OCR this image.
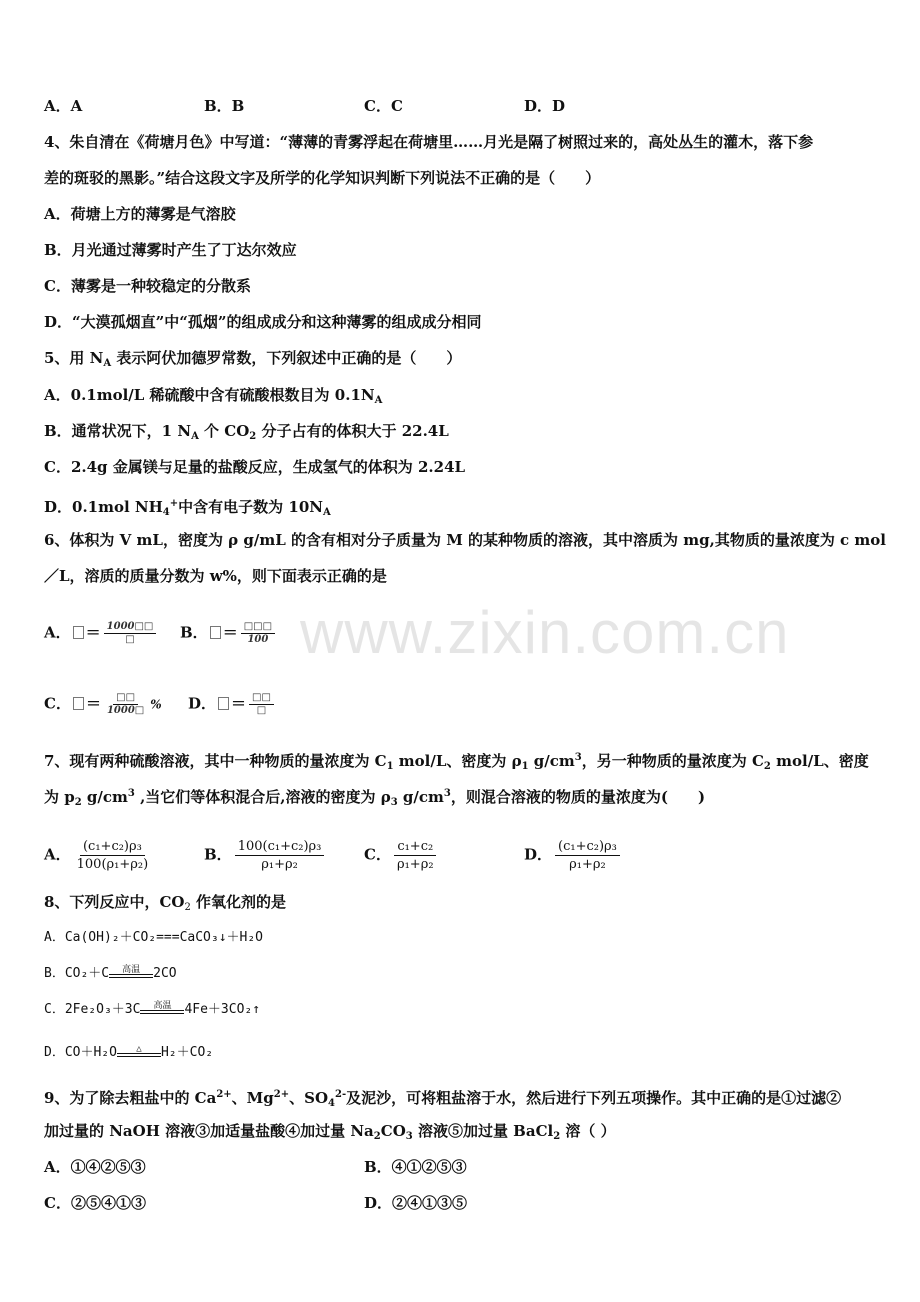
www.zixin.com.cn
A．A	B．B	C．C	D．D
4、朱自清在《荷塘月色》中写道：“薄薄的青雾浮起在荷塘里……月光是隔了树照过来的，高处丛生的灌木，落下参
差的斑驳的黑影。”结合这段文字及所学的化学知识判断下列说法不正确的是（　　）
A．荷塘上方的薄雾是气溶胶
B．月光通过薄雾时产生了丁达尔效应
C．薄雾是一种较稳定的分散系
D．“大漠孤烟直”中“孤烟”的组成成分和这种薄雾的组成成分相同
5、用 $N_A$ 表示阿伏加德罗常数，下列叙述中正确的是（　　）
A．0.1mol/L 稀硫酸中含有硫酸根数目为 $0.1N_A$
B．通常状况下，1 $N_A$ 个 $CO_2$ 分子占有的体积大于 22.4L
C．2.4g 金属镁与足量的盐酸反应，生成氢气的体积为 2.24L
D．0.1mol $NH_4^+$中含有电子数为 $10N_A$
6、体积为 V mL，密度为 ρ g/mL 的含有相对分子质量为 M 的某种物质的溶液，其中溶质为 mg,其物质的量浓度为 c mol
／L，溶质的质量分数为 w%，则下面表示正确的是
A． ＝ $\frac{1000□□}{□}$ B． ＝ $\frac{□□□}{100}$
C． ＝ $\frac{□□}{1000□}$ % D． ＝ $\frac{□□}{□}$
7、现有两种硫酸溶液，其中一种物质的量浓度为 $C_1$ mol/L、密度为 $\rho_1$ $g/cm^3$，另一种物质的量浓度为 $C_2$ mol/L、密度
为 $p_2$ $g/cm^3$ ,当它们等体积混合后,溶液的密度为 $\rho_3$ $g/cm^3$，则混合溶液的物质的量浓度为(　　)
A． $\frac{\text{(c₁+c₂)ρ₃}}{\text{100(ρ₁+ρ₂)}}$	B． $\frac{\text{100(c₁+c₂)ρ₃}}{\text{ρ₁+ρ₂}}$	C． $\frac{\text{c₁+c₂}}{\text{ρ₁+ρ₂}}$	D． $\frac{\text{(c₁+c₂)ρ₃}}{\text{ρ₁+ρ₂}}$
8、下列反应中，$CO_2$ 作氧化剂的是
A．Ca(OH)₂＋CO₂===CaCO₃↓＋H₂O
B．CO₂＋C	高温	2CO
C．2Fe₂O₃＋3C	高温	4Fe＋3CO₂↑
D．CO＋H₂O	△	H₂＋CO₂
9、为了除去粗盐中的 $Ca^{2+}$、$Mg^{2+}$、$SO_4^{2-}$及泥沙，可将粗盐溶于水，然后进行下列五项操作。其中正确的是①过滤②
加过量的 NaOH 溶液③加适量盐酸④加过量 $Na_2CO_3$ 溶液⑤加过量 BaCl$_2$ 溶（ ）
A．①④②⑤③	B．④①②⑤③
C．②⑤④①③	D．②④①③⑤
